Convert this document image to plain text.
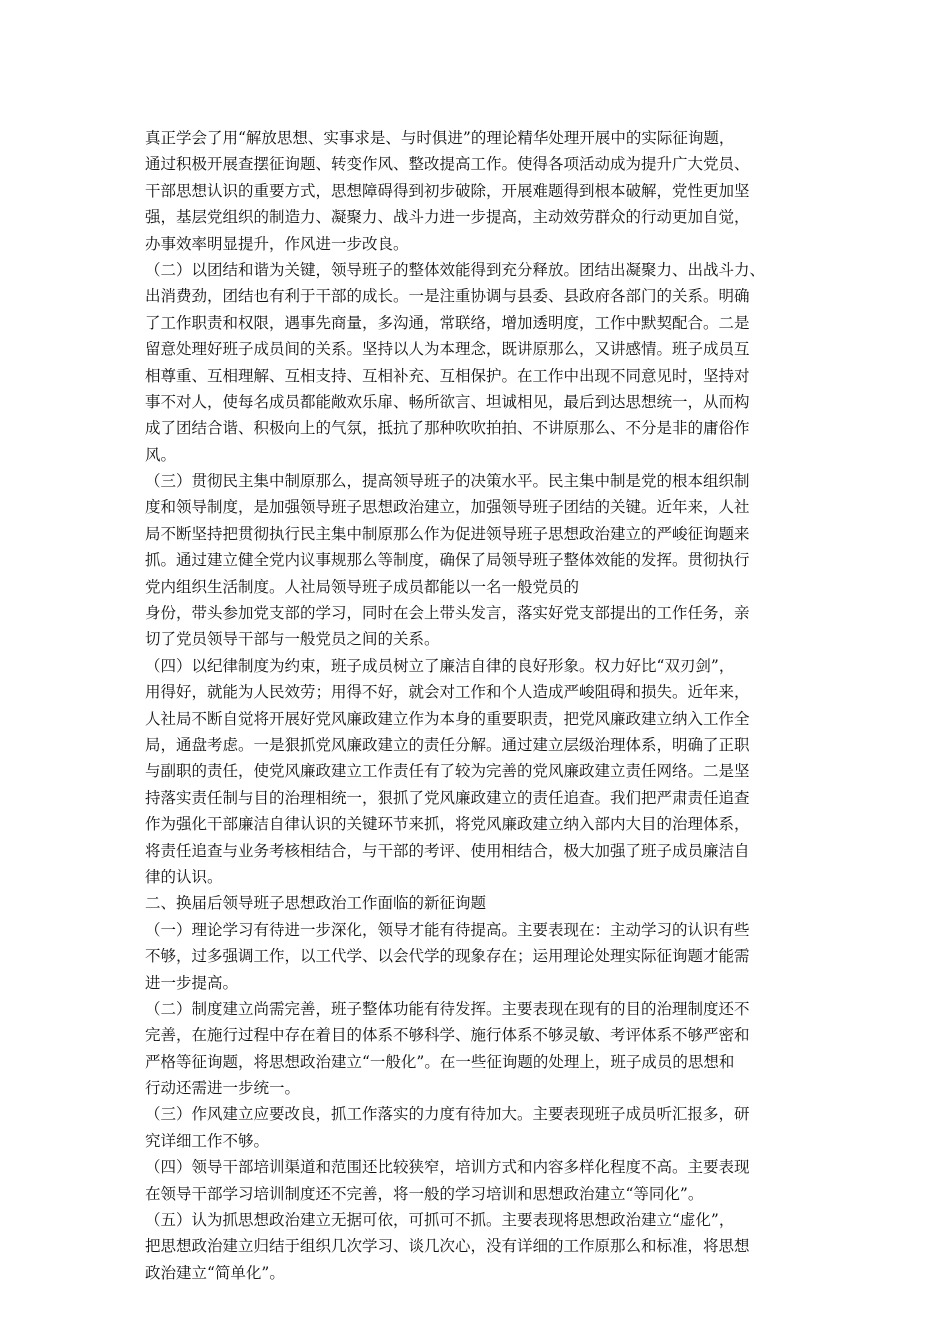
真正学会了用“解放思想、实事求是、与时俱进”的理论精华处理开展中的实际征询题，
通过积极开展查摆征询题、转变作风、整改提高工作。使得各项活动成为提升广大党员、
干部思想认识的重要方式，思想障碍得到初步破除，开展难题得到根本破解，党性更加坚
强，基层党组织的制造力、凝聚力、战斗力进一步提高，主动效劳群众的行动更加自觉，
办事效率明显提升，作风进一步改良。
（二）以团结和谐为关键，领导班子的整体效能得到充分释放。团结出凝聚力、出战斗力、
出消费劲，团结也有利于干部的成长。一是注重协调与县委、县政府各部门的关系。明确
了工作职责和权限，遇事先商量，多沟通，常联络，增加透明度，工作中默契配合。二是
留意处理好班子成员间的关系。坚持以人为本理念，既讲原那么，又讲感情。班子成员互
相尊重、互相理解、互相支持、互相补充、互相保护。在工作中出现不同意见时，坚持对
事不对人，使每名成员都能敞欢乐扉、畅所欲言、坦诚相见，最后到达思想统一，从而构
成了团结合谐、积极向上的气氛，抵抗了那种吹吹拍拍、不讲原那么、不分是非的庸俗作
风。
（三）贯彻民主集中制原那么，提高领导班子的决策水平。民主集中制是党的根本组织制
度和领导制度，是加强领导班子思想政治建立，加强领导班子团结的关键。近年来，人社
局不断坚持把贯彻执行民主集中制原那么作为促进领导班子思想政治建立的严峻征询题来
抓。通过建立健全党内议事规那么等制度，确保了局领导班子整体效能的发挥。贯彻执行
党内组织生活制度。人社局领导班子成员都能以一名一般党员的
身份，带头参加党支部的学习，同时在会上带头发言，落实好党支部提出的工作任务，亲
切了党员领导干部与一般党员之间的关系。
（四）以纪律制度为约束，班子成员树立了廉洁自律的良好形象。权力好比“双刃剑”，
用得好，就能为人民效劳；用得不好，就会对工作和个人造成严峻阻碍和损失。近年来，
人社局不断自觉将开展好党风廉政建立作为本身的重要职责，把党风廉政建立纳入工作全
局，通盘考虑。一是狠抓党风廉政建立的责任分解。通过建立层级治理体系，明确了正职
与副职的责任，使党风廉政建立工作责任有了较为完善的党风廉政建立责任网络。二是坚
持落实责任制与目的治理相统一，狠抓了党风廉政建立的责任追查。我们把严肃责任追查
作为强化干部廉洁自律认识的关键环节来抓，将党风廉政建立纳入部内大目的治理体系，
将责任追查与业务考核相结合，与干部的考评、使用相结合，极大加强了班子成员廉洁自
律的认识。
二、换届后领导班子思想政治工作面临的新征询题
（一）理论学习有待进一步深化，领导才能有待提高。主要表现在：主动学习的认识有些
不够，过多强调工作，以工代学、以会代学的现象存在；运用理论处理实际征询题才能需
进一步提高。
（二）制度建立尚需完善，班子整体功能有待发挥。主要表现在现有的目的治理制度还不
完善，在施行过程中存在着目的体系不够科学、施行体系不够灵敏、考评体系不够严密和
严格等征询题，将思想政治建立“一般化”。在一些征询题的处理上，班子成员的思想和
行动还需进一步统一。
（三）作风建立应要改良，抓工作落实的力度有待加大。主要表现班子成员听汇报多，研
究详细工作不够。
（四）领导干部培训渠道和范围还比较狭窄，培训方式和内容多样化程度不高。主要表现
在领导干部学习培训制度还不完善，将一般的学习培训和思想政治建立“等同化”。
（五）认为抓思想政治建立无据可依，可抓可不抓。主要表现将思想政治建立“虚化”，
把思想政治建立归结于组织几次学习、谈几次心，没有详细的工作原那么和标准，将思想
政治建立“简单化”。
